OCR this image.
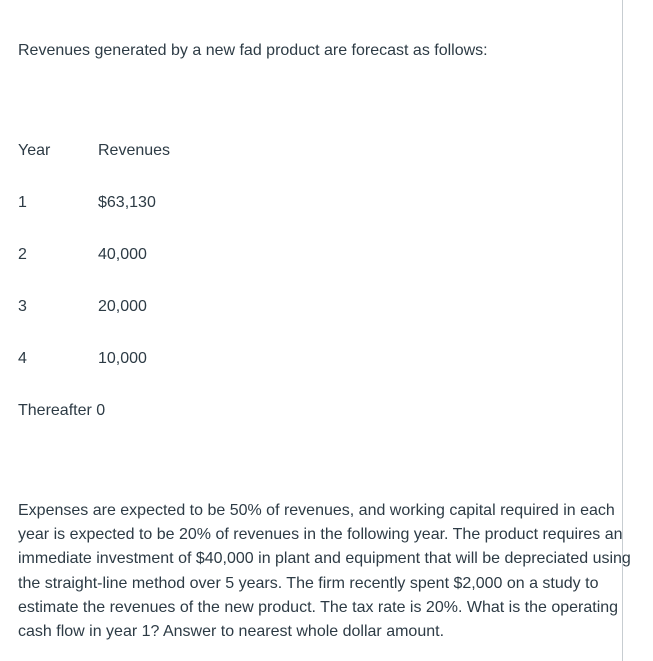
Revenues generated by a new fad product are forecast as follows:
Year	Revenues
1	$63,130
2	40,000
3	20,000
4	10,000
Thereafter 0

Expenses are expected to be 50% of revenues, and working capital required in each year is expected to be 20% of revenues in the following year. The product requires an immediate investment of $40,000 in plant and equipment that will be depreciated using the straight-line method over 5 years. The firm recently spent $2,000 on a study to estimate the revenues of the new product. The tax rate is 20%. What is the operating cash flow in year 1? Answer to nearest whole dollar amount.
